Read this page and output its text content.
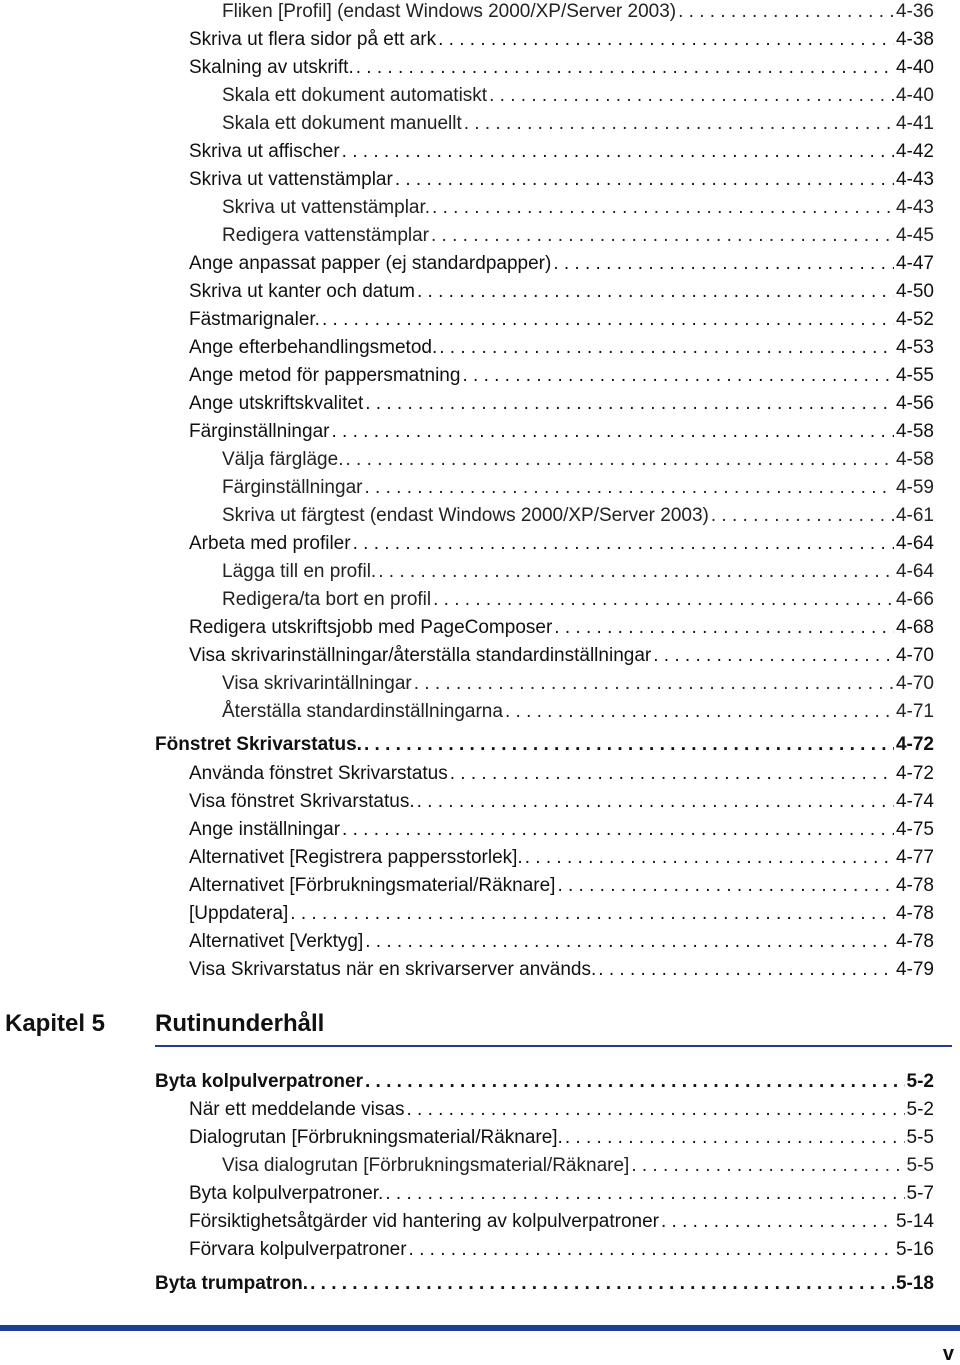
Fliken [Profil] (endast Windows 2000/XP/Server 2003) . . .	4-36
Skriva ut flera sidor på ett ark . . .	4-38
Skalning av utskrift. . . .	4-40
Skala ett dokument automatiskt . . .	4-40
Skala ett dokument manuellt . . .	4-41
Skriva ut affischer . . .	4-42
Skriva ut vattenstämplar . . .	4-43
Skriva ut vattenstämplar. . . .	4-43
Redigera vattenstämplar . . .	4-45
Ange anpassat papper (ej standardpapper) . . .	4-47
Skriva ut kanter och datum . . .	4-50
Fästmarignaler. . . .	4-52
Ange efterbehandlingsmetod. . . .	4-53
Ange metod för pappersmatning . . .	4-55
Ange utskriftskvalitet . . .	4-56
Färginställningar . . .	4-58
Välja färgläge. . . .	4-58
Färginställningar . . .	4-59
Skriva ut färgtest (endast Windows 2000/XP/Server 2003) . . .	4-61
Arbeta med profiler . . .	4-64
Lägga till en profil. . . .	4-64
Redigera/ta bort en profil . . .	4-66
Redigera utskriftsjobb med PageComposer . . .	4-68
Visa skrivarinställningar/återställa standardinställningar . . .	4-70
Visa skrivarintällningar . . .	4-70
Återställa standardinställningarna . . .	4-71
Fönstret Skrivarstatus. . . .	4-72
Använda fönstret Skrivarstatus . . .	4-72
Visa fönstret Skrivarstatus. . . .	4-74
Ange inställningar . . .	4-75
Alternativet [Registrera pappersstorlek]. . . .	4-77
Alternativet [Förbrukningsmaterial/Räknare] . . .	4-78
[Uppdatera] . . .	4-78
Alternativet [Verktyg] . . .	4-78
Visa Skrivarstatus när en skrivarserver används. . . .	4-79
Kapitel 5 Rutinunderhåll
Byta kolpulverpatroner . . .	5-2
När ett meddelande visas . . .	5-2
Dialogrutan [Förbrukningsmaterial/Räknare]. . . .	5-5
Visa dialogrutan [Förbrukningsmaterial/Räknare] . . .	5-5
Byta kolpulverpatroner. . . .	5-7
Försiktighetsåtgärder vid hantering av kolpulverpatroner . . .	5-14
Förvara kolpulverpatroner . . .	5-16
Byta trumpatron. . . .	5-18
v
